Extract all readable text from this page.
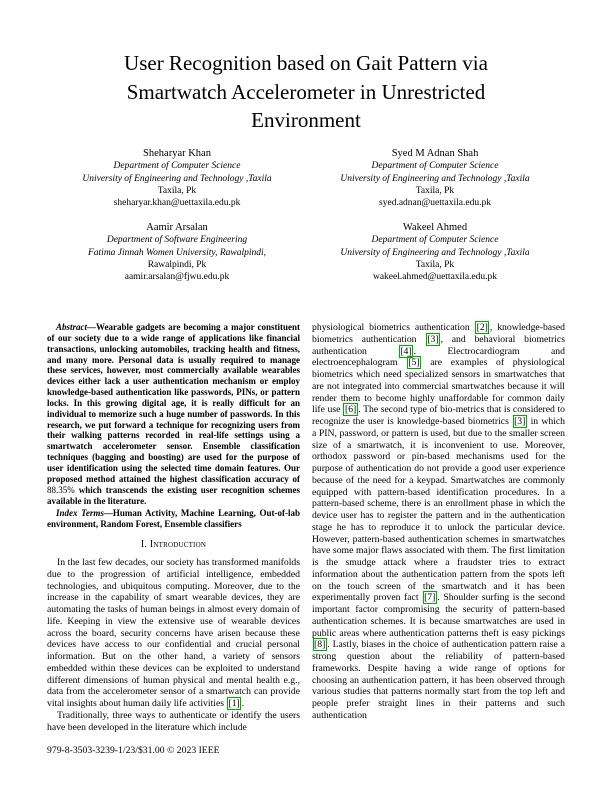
User Recognition based on Gait Pattern via Smartwatch Accelerometer in Unrestricted Environment
Sheharyar Khan
Department of Computer Science
University of Engineering and Technology ,Taxila
Taxila, Pk
sheharyar.khan@uettaxila.edu.pk
Syed M Adnan Shah
Department of Computer Science
University of Engineering and Technology ,Taxila
Taxila, Pk
syed.adnan@uettaxila.edu.pk
Aamir Arsalan
Department of Software Engineering
Fatima Jinnah Women University, Rawalpindi,
Rawalpindi, Pk
aamir.arsalan@fjwu.edu.pk
Wakeel Ahmed
Department of Computer Science
University of Engineering and Technology ,Taxila
Taxila, Pk
wakeel.ahmed@uettaxila.edu.pk

Abstract—Wearable gadgets are becoming a major constituent of our society due to a wide range of applications like financial transactions, unlocking automobiles, tracking health and fitness, and many more. Personal data is usually required to manage these services, however, most commercially available wearables devices either lack a user authentication mechanism or employ knowledge-based authentication like passwords, PINs, or pattern locks. In this growing digital age, it is really difficult for an individual to memorize such a huge number of passwords. In this research, we put forward a technique for recognizing users from their walking patterns recorded in real-life settings using a smartwatch accelerometer sensor. Ensemble classification techniques (bagging and boosting) are used for the purpose of user identification using the selected time domain features. Our proposed method attained the highest classification accuracy of 88.35% which transcends the existing user recognition schemes available in the literature.

Index Terms—Human Activity, Machine Learning, Out-of-lab environment, Random Forest, Ensemble classifiers

I. Introduction

In the last few decades, our society has transformed manifolds due to the progression of artificial intelligence, embedded technologies, and ubiquitous computing. Moreover, due to the increase in the capability of smart wearable devices, they are automating the tasks of human beings in almost every domain of life. Keeping in view the extensive use of wearable devices across the board, security concerns have arisen because these devices have access to our confidential and crucial personal information. But on the other hand, a variety of sensors embedded within these devices can be exploited to understand different dimensions of human physical and mental health e.g., data from the accelerometer sensor of a smartwatch can provide vital insights about human daily life activities [1] .

Traditionally, three ways to authenticate or identify the users have been developed in the literature which include

physiological biometrics authentication [2] , knowledge-based biometrics authentication [3] , and behavioral biometrics authentication [4] . Electrocardiogram and electroencephalogram [5] are examples of physiological biometrics which need specialized sensors in smartwatches that are not integrated into commercial smartwatches because it will render them to become highly unaffordable for common daily life use [6] . The second type of bio-metrics that is considered to recognize the user is knowledge-based biometrics [3] in which a PIN, password, or pattern is used, but due to the smaller screen size of a smartwatch, it is inconvenient to use. Moreover, orthodox password or pin-based mechanisms used for the purpose of authentication do not provide a good user experience because of the need for a keypad. Smartwatches are commonly equipped with pattern-based identification procedures. In a pattern-based scheme, there is an enrollment phase in which the device user has to register the pattern and in the authentication stage he has to reproduce it to unlock the particular device. However, pattern-based authentication schemes in smartwatches have some major flaws associated with them. The first limitation is the smudge attack where a fraudster tries to extract information about the authentication pattern from the spots left on the touch screen of the smartwatch and it has been experimentally proven fact [7] . Shoulder surfing is the second important factor compromising the security of pattern-based authentication schemes. It is because smartwatches are used in public areas where authentication patterns theft is easy pickings [8] . Lastly, biases in the choice of authentication pattern raise a strong question about the reliability of pattern-based frameworks. Despite having a wide range of options for choosing an authentication pattern, it has been observed through various studies that patterns normally start from the top left and people prefer straight lines in their patterns and such authentication

979-8-3503-3239-1/23/$31.00 © 2023 IEEE
